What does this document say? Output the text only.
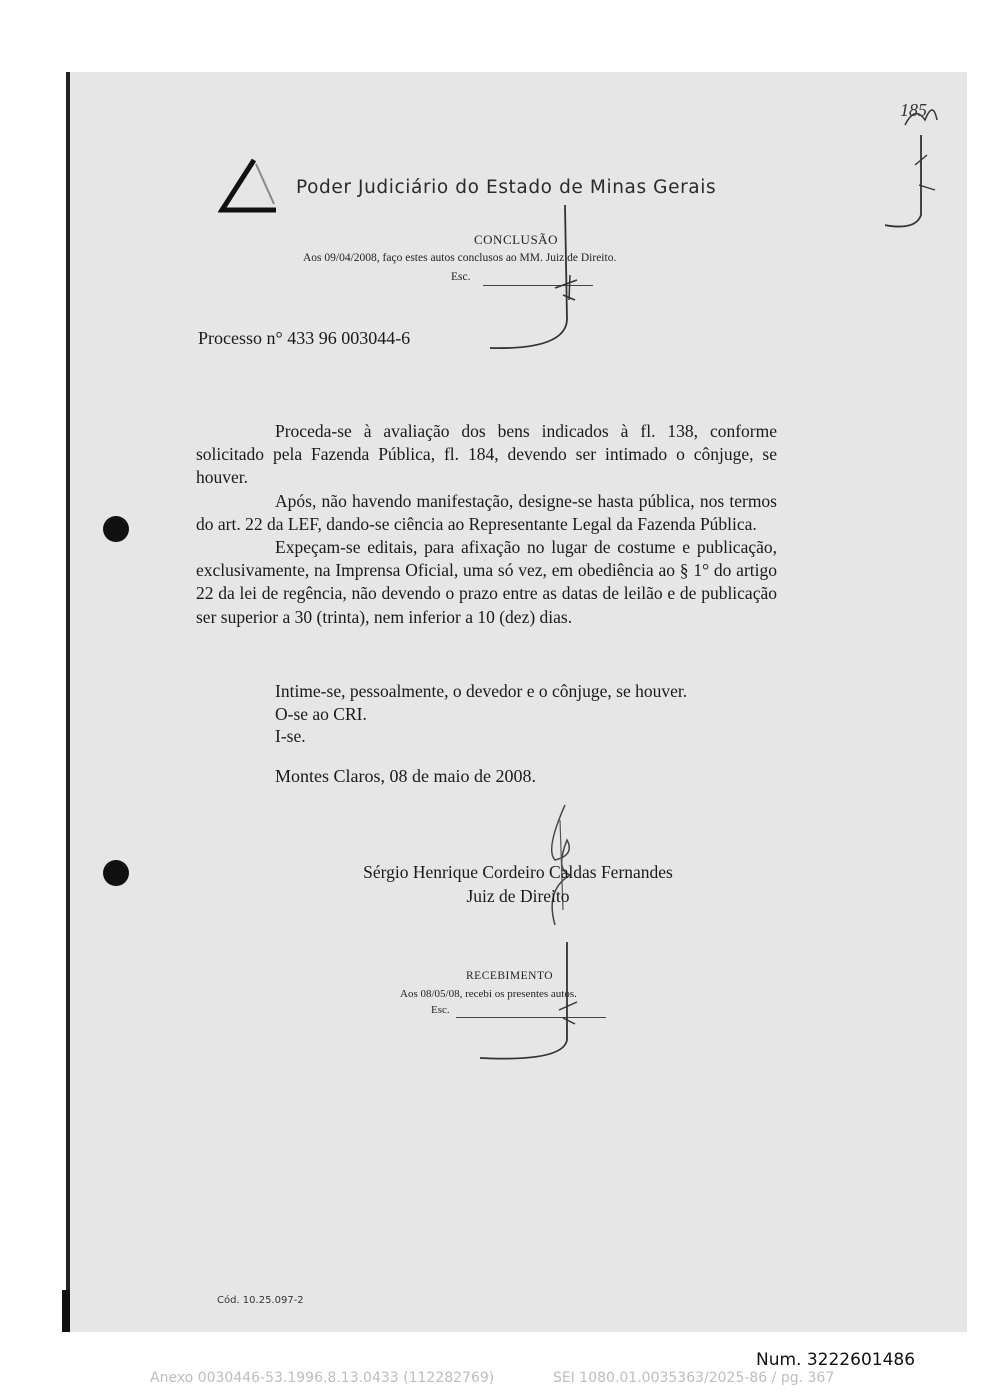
Poder Judiciário do Estado de Minas Gerais
185
CONCLUSÃO
Aos 09/04/2008, faço estes autos conclusos ao MM. Juiz de Direito.
Esc.
Processo n° 433 96 003044-6

Proceda-se à avaliação dos bens indicados à fl. 138, conforme solicitado pela Fazenda Pública, fl. 184, devendo ser intimado o cônjuge, se houver.

Após, não havendo manifestação, designe-se hasta pública, nos termos do art. 22 da LEF, dando-se ciência ao Representante Legal da Fazenda Pública.

Expeçam-se editais, para afixação no lugar de costume e publicação, exclusivamente, na Imprensa Oficial, uma só vez, em obediência ao § 1° do artigo 22 da lei de regência, não devendo o prazo entre as datas de leilão e de publicação ser superior a 30 (trinta), nem inferior a 10 (dez) dias.

Intime-se, pessoalmente, o devedor e o cônjuge, se houver.
O-se ao CRI.
I-se.
Montes Claros, 08 de maio de 2008.
Sérgio Henrique Cordeiro Caldas Fernandes
Juiz de Direito
RECEBIMENTO
Aos 08/05/08, recebi os presentes autos.
Esc.
Cód. 10.25.097-2
Num. 3222601486
Anexo 0030446-53.1996.8.13.0433 (112282769)	SEI 1080.01.0035363/2025-86 / pg. 367
